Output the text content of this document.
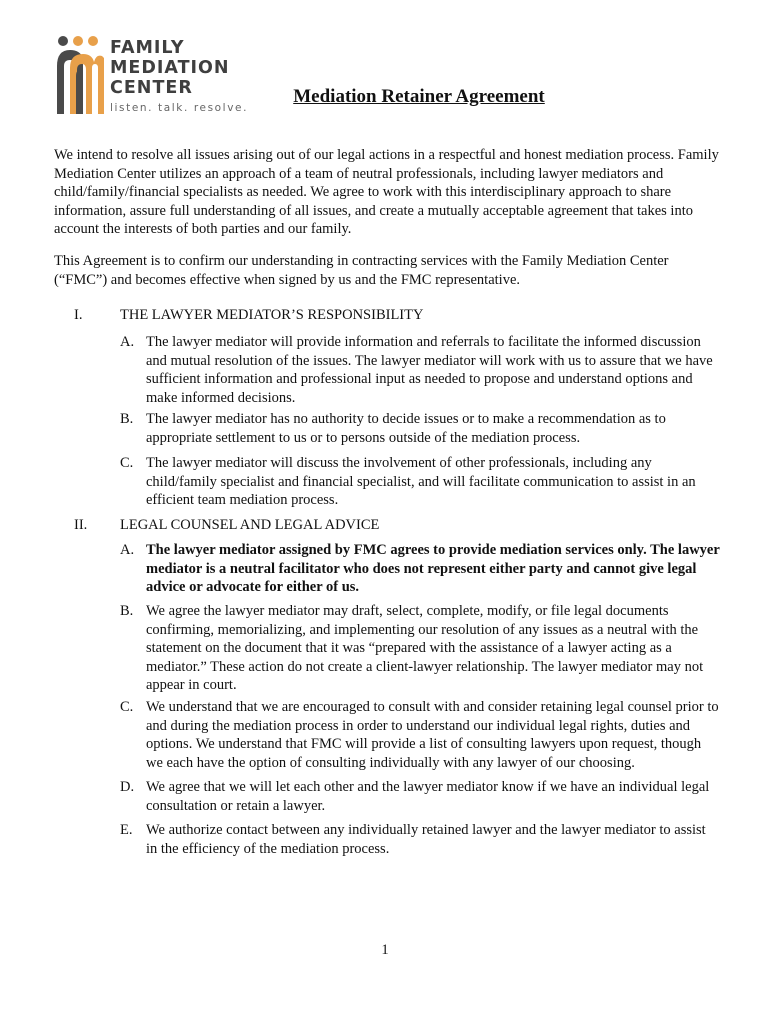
FAMILY
MEDIATION
CENTER
listen. talk. resolve.
Mediation Retainer Agreement
We intend to resolve all issues arising out of our legal actions in a respectful and honest mediation process. Family Mediation Center utilizes an approach of a team of neutral professionals, including lawyer mediators and child/family/financial specialists as needed. We agree to work with this interdisciplinary approach to share information, assure full understanding of all issues, and create a mutually acceptable agreement that takes into account the interests of both parties and our family.
This Agreement is to confirm our understanding in contracting services with the Family Mediation Center (“FMC”) and becomes effective when signed by us and the FMC representative.
I.	THE LAWYER MEDIATOR’S RESPONSIBILITY
A. The lawyer mediator will provide information and referrals to facilitate the informed discussion and mutual resolution of the issues. The lawyer mediator will work with us to assure that we have sufficient information and professional input as needed to propose and understand options and make informed decisions.
B. The lawyer mediator has no authority to decide issues or to make a recommendation as to appropriate settlement to us or to persons outside of the mediation process.
C. The lawyer mediator will discuss the involvement of other professionals, including any child/family specialist and financial specialist, and will facilitate communication to assist in an efficient team mediation process.
II. LEGAL COUNSEL AND LEGAL ADVICE
A. The lawyer mediator assigned by FMC agrees to provide mediation services only. The lawyer mediator is a neutral facilitator who does not represent either party and cannot give legal advice or advocate for either of us.
B. We agree the lawyer mediator may draft, select, complete, modify, or file legal documents confirming, memorializing, and implementing our resolution of any issues as a neutral with the statement on the document that it was “prepared with the assistance of a lawyer acting as a mediator.” These action do not create a client-lawyer relationship. The lawyer mediator may not appear in court.
C. We understand that we are encouraged to consult with and consider retaining legal counsel prior to and during the mediation process in order to understand our individual legal rights, duties and options. We understand that FMC will provide a list of consulting lawyers upon request, though we each have the option of consulting individually with any lawyer of our choosing.
D. We agree that we will let each other and the lawyer mediator know if we have an individual legal consultation or retain a lawyer.
E. We authorize contact between any individually retained lawyer and the lawyer mediator to assist in the efficiency of the mediation process.
1
